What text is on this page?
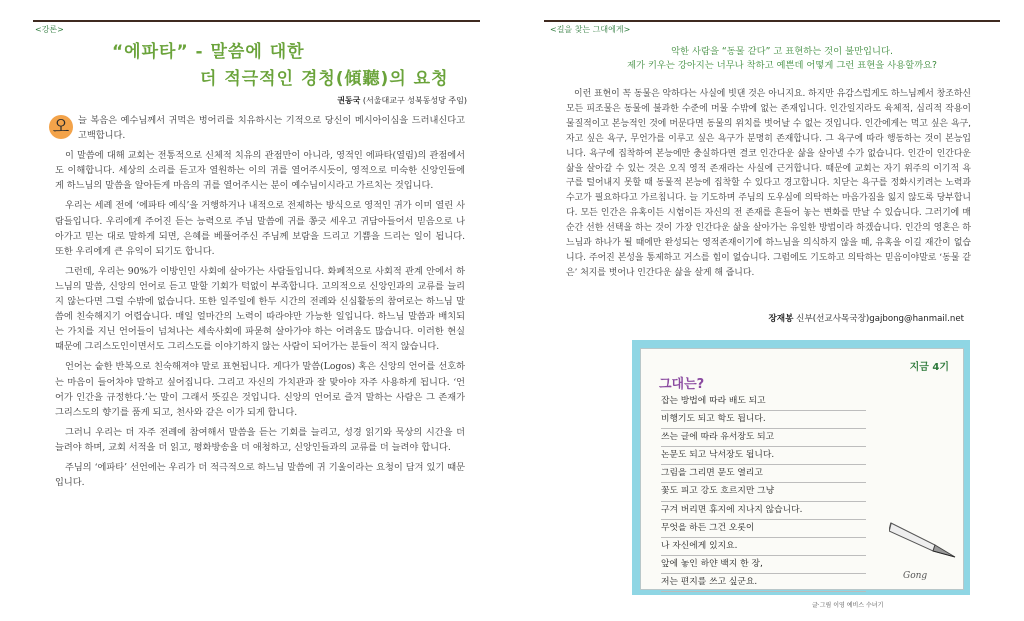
<강론>
“에파타” - 말씀에 대한
더 적극적인 경청(傾聽)의 요청
권동국 (서울대교구 성북동성당 주임)

오 늘 복음은 예수님께서 귀먹은 벙어리를 치유하시는 기적으로 당신이 메시아이심을 드러내신다고 고백합니다.

이 말씀에 대해 교회는 전통적으로 신체적 치유의 관점만이 아니라, 영적인 에파타(열림)의 관점에서도 이해합니다. 세상의 소리를 듣고자 열원하는 이의 귀를 열어주시듯이, 영적으로 미숙한 신앙인들에게 하느님의 말씀을 알아듣게 마음의 귀를 열어주시는 분이 예수님이시라고 가르치는 것입니다.

우리는 세례 전에 ‘에파타 예식’을 거행하거나 내적으로 전제하는 방식으로 영적인 귀가 이미 열린 사람들입니다. 우리에게 주어진 듣는 능력으로 주님 말씀에 귀를 쫑긋 세우고 귀담아들어서 믿음으로 나아가고 믿는 대로 말하게 되면, 은혜를 베풀어주신 주님께 보람을 드리고 기쁨을 드리는 일이 됩니다. 또한 우리에게 큰 유익이 되기도 합니다.

그런데, 우리는 90%가 이방인인 사회에 살아가는 사람들입니다. 화폐적으로 사회적 관계 안에서 하느님의 말씀, 신앙의 언어로 듣고 말할 기회가 턱없이 부족합니다. 고의적으로 신앙인과의 교류를 늘리지 않는다면 그럴 수밖에 없습니다. 또한 일주일에 한두 시간의 전례와 신심활동의 참여로는 하느님 말씀에 친숙해지기 어렵습니다. 매일 얼마간의 노력이 따라야만 가능한 일입니다. 하느님 말씀과 배치되는 가치를 지닌 언어들이 넘쳐나는 세속사회에 파묻혀 살아가야 하는 어려움도 많습니다. 이러한 현실 때문에 그리스도인이면서도 그리스도를 이야기하지 않는 사람이 되어가는 분들이 적지 않습니다.

언어는 숱한 반복으로 친숙해져야 말로 표현됩니다. 게다가 말씀(Logos) 혹은 신앙의 언어를 선호하는 마음이 들어차야 말하고 싶어집니다. 그리고 자신의 가치관과 잘 맞아야 자주 사용하게 됩니다. ‘언어가 인간을 규정한다.’는 말이 그래서 뜻깊은 것입니다. 신앙의 언어로 즐겨 말하는 사람은 그 존재가 그리스도의 향기를 품게 되고, 천사와 같은 이가 되게 합니다.

그러니 우리는 더 자주 전례에 참여해서 말씀을 듣는 기회를 늘리고, 성경 읽기와 묵상의 시간을 더 늘려야 하며, 교회 서적을 더 읽고, 평화방송을 더 애청하고, 신앙인들과의 교류를 더 늘려야 합니다.

주님의 ‘에파타’ 선언에는 우리가 더 적극적으로 하느님 말씀에 귀 기울이라는 요청이 담겨 있기 때문입니다.

<길을 찾는 그대에게>
악한 사람을 “동물 같다” 고 표현하는 것이 불만입니다.
제가 키우는 강아지는 너무나 착하고 예쁜데 어떻게 그런 표현을 사용할까요?
이런 표현이 꼭 동물은 악하다는 사실에 빗댄 것은 아니지요. 하지만 유감스럽게도 하느님께서 창조하신 모든 피조물은 동물에 불과한 수준에 머물 수밖에 없는 존재입니다. 인간일지라도 육체적, 심리적 작용이 물질적이고 본능적인 것에 머문다면 동물의 위치를 벗어날 수 없는 것입니다. 인간에게는 먹고 싶은 욕구, 자고 싶은 욕구, 무언가를 이루고 싶은 욕구가 분명히 존재합니다. 그 욕구에 따라 행동하는 것이 본능입니다. 욕구에 집착하여 본능에만 충실하다면 결코 인간다운 삶을 살아낼 수가 없습니다. 인간이 인간다운 삶을 살아갈 수 있는 것은 오직 영적 존재라는 사실에 근거합니다. 때문에 교회는 자기 위주의 이기적 욕구를 털어내지 못할 때 동물적 본능에 집착할 수 있다고 경고합니다. 치닫는 욕구를 정화시키려는 노력과 수고가 필요하다고 가르칩니다. 늘 기도하며 주님의 도우심에 의탁하는 마음가짐을 잃지 않도록 당부합니다. 모든 인간은 유혹이든 시험이든 자신의 전 존재를 흔들어 놓는 변화를 만날 수 있습니다. 그러기에 매 순간 선한 선택을 하는 것이 가장 인간다운 삶을 살아가는 유일한 방법이라 하겠습니다. 인간의 영혼은 하느님과 하나가 될 때에만 완성되는 영적존재이기에 하느님을 의식하지 않을 때, 유혹을 이길 재간이 없습니다. 주어진 본성을 통제하고 거스를 힘이 없습니다. 그럼에도 기도하고 의탁하는 믿음이야말로 ‘동물 같은’ 처지를 벗어나 인간다운 삶을 살게 해 줍니다.
장재봉 신부(선교사목국장)gajbong@hanmail.net
지금 4기
그대는?
잡는 방법에 따라 배도 되고
비행기도 되고 학도 됩니다.
쓰는 글에 따라 유서장도 되고
논문도 되고 낙서장도 됩니다.
그림을 그리면 문도 열리고
꽃도 피고 강도 흐르지만 그냥
구겨 버리면 휴지에 지나지 않습니다.
무엇을 하든 그건 오롯이
나 자신에게 있지요.
앞에 놓인 하얀 백지 한 장,
저는 편지를 쓰고 싶군요.
Gong
글·그림 이영 예비스 수녀기
